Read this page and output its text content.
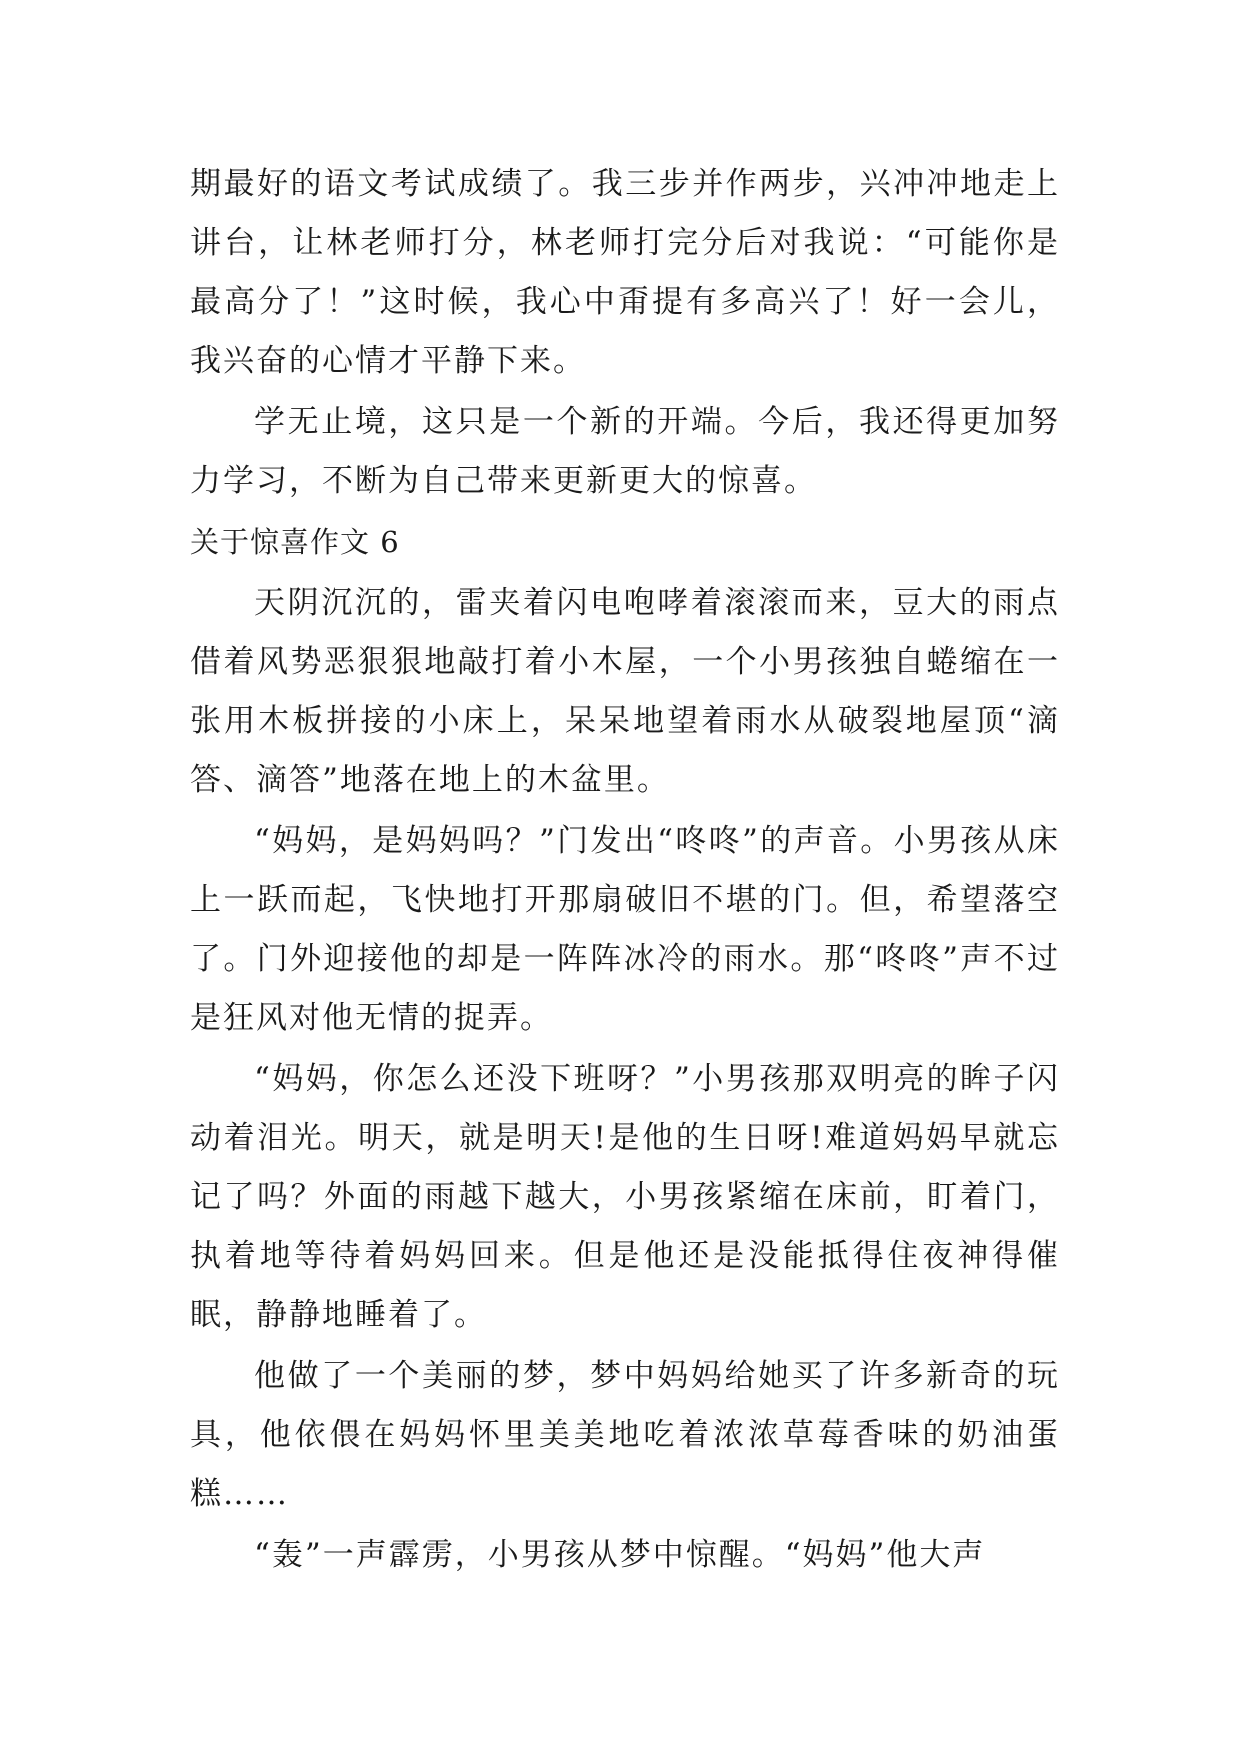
期最好的语文考试成绩了。我三步并作两步，兴冲冲地走上讲台，让林老师打分，林老师打完分后对我说：“可能你是最高分了！”这时候，我心中甭提有多高兴了！好一会儿，我兴奋的心情才平静下来。

学无止境，这只是一个新的开端。今后，我还得更加努力学习，不断为自己带来更新更大的惊喜。

关于惊喜作文 6

天阴沉沉的，雷夹着闪电咆哮着滚滚而来，豆大的雨点借着风势恶狠狠地敲打着小木屋，一个小男孩独自蜷缩在一张用木板拼接的小床上，呆呆地望着雨水从破裂地屋顶“滴答、滴答”地落在地上的木盆里。

“妈妈，是妈妈吗？”门发出“咚咚”的声音。小男孩从床上一跃而起，飞快地打开那扇破旧不堪的门。但，希望落空了。门外迎接他的却是一阵阵冰冷的雨水。那“咚咚”声不过是狂风对他无情的捉弄。

“妈妈，你怎么还没下班呀？”小男孩那双明亮的眸子闪动着泪光。明天，就是明天!是他的生日呀!难道妈妈早就忘记了吗？外面的雨越下越大，小男孩紧缩在床前，盯着门，执着地等待着妈妈回来。但是他还是没能抵得住夜神得催眠，静静地睡着了。

他做了一个美丽的梦，梦中妈妈给她买了许多新奇的玩具，他依偎在妈妈怀里美美地吃着浓浓草莓香味的奶油蛋糕……

“轰”一声霹雳，小男孩从梦中惊醒。“妈妈”他大声
